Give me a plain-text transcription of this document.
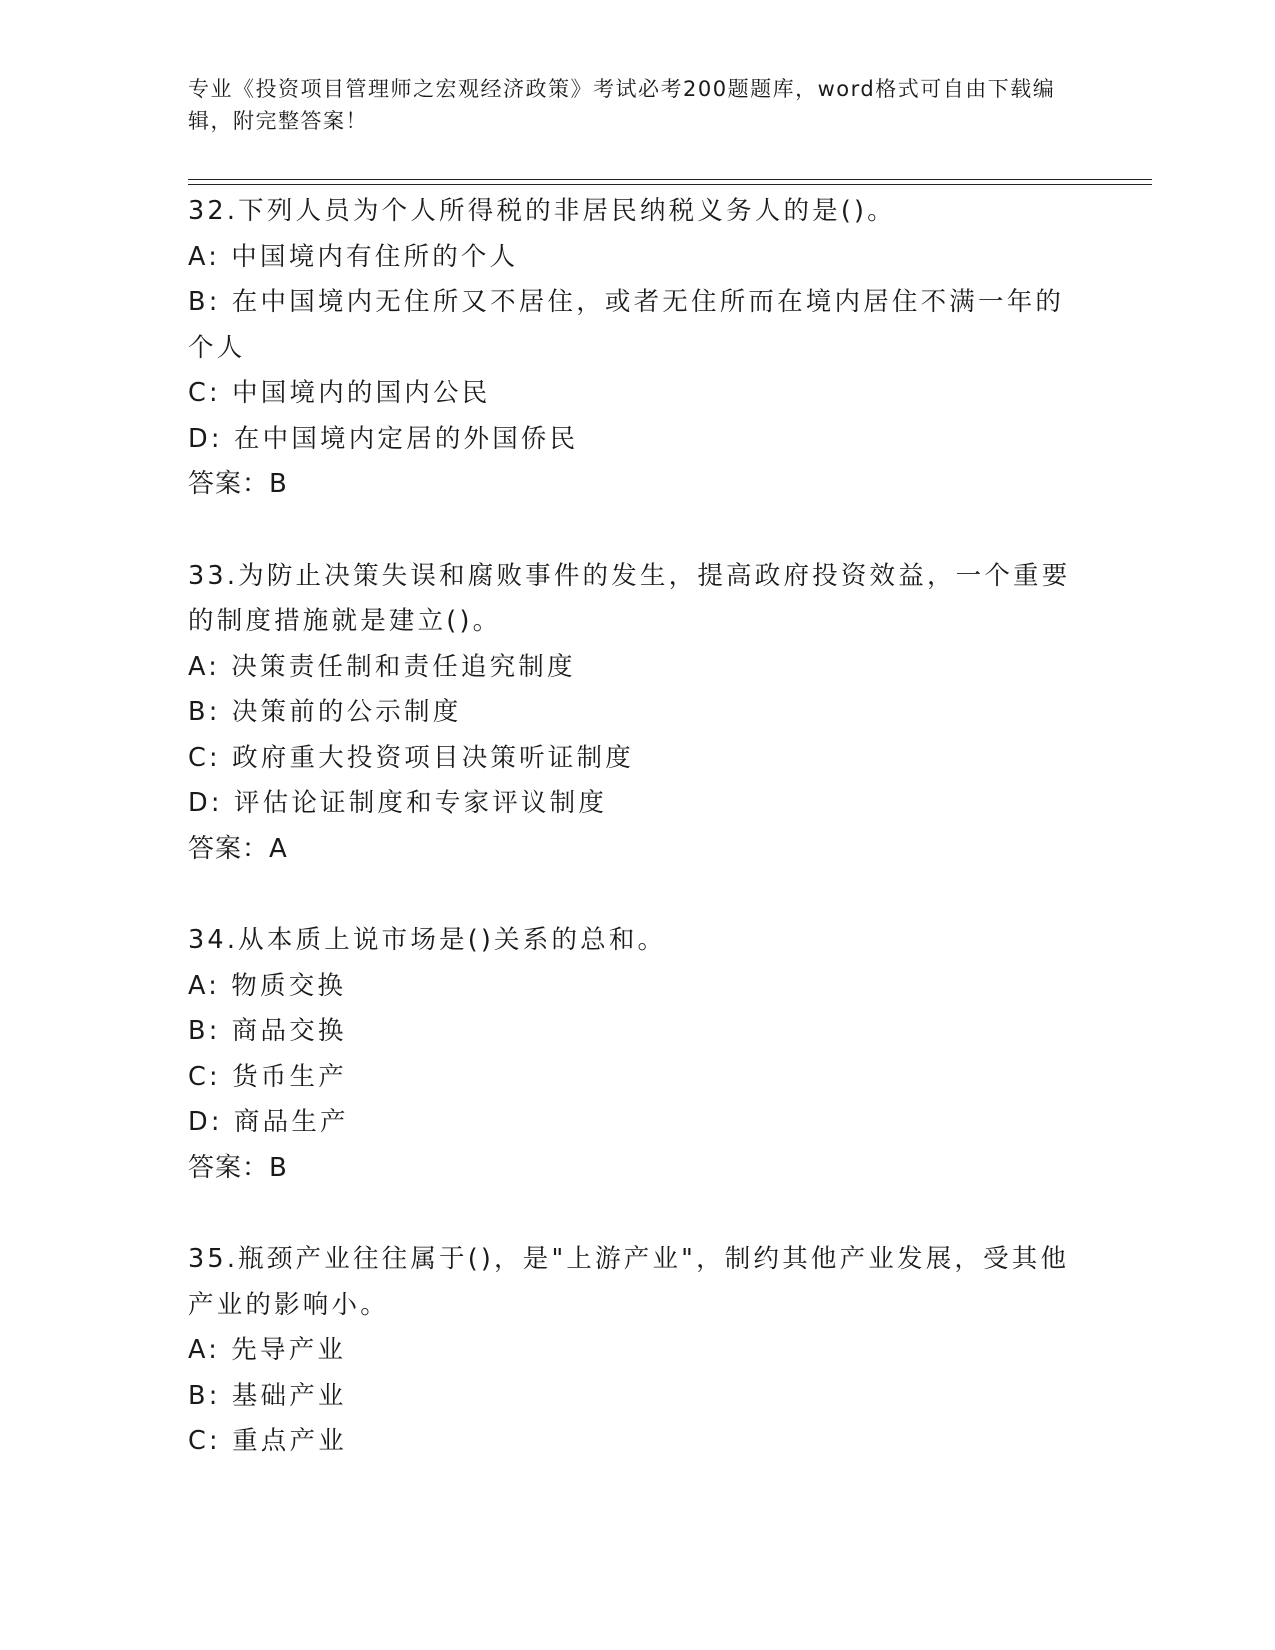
专业《投资项目管理师之宏观经济政策》考试必考200题题库，word格式可自由下载编辑，附完整答案！
32.下列人员为个人所得税的非居民纳税义务人的是()。
A: 中国境内有住所的个人
B: 在中国境内无住所又不居住，或者无住所而在境内居住不满一年的个人
C: 中国境内的国内公民
D: 在中国境内定居的外国侨民
答案：B
33.为防止决策失误和腐败事件的发生，提高政府投资效益，一个重要的制度措施就是建立()。
A: 决策责任制和责任追究制度
B: 决策前的公示制度
C: 政府重大投资项目决策听证制度
D: 评估论证制度和专家评议制度
答案：A
34.从本质上说市场是()关系的总和。
A: 物质交换
B: 商品交换
C: 货币生产
D: 商品生产
答案：B
35.瓶颈产业往往属于()，是"上游产业"，制约其他产业发展，受其他产业的影响小。
A: 先导产业
B: 基础产业
C: 重点产业
